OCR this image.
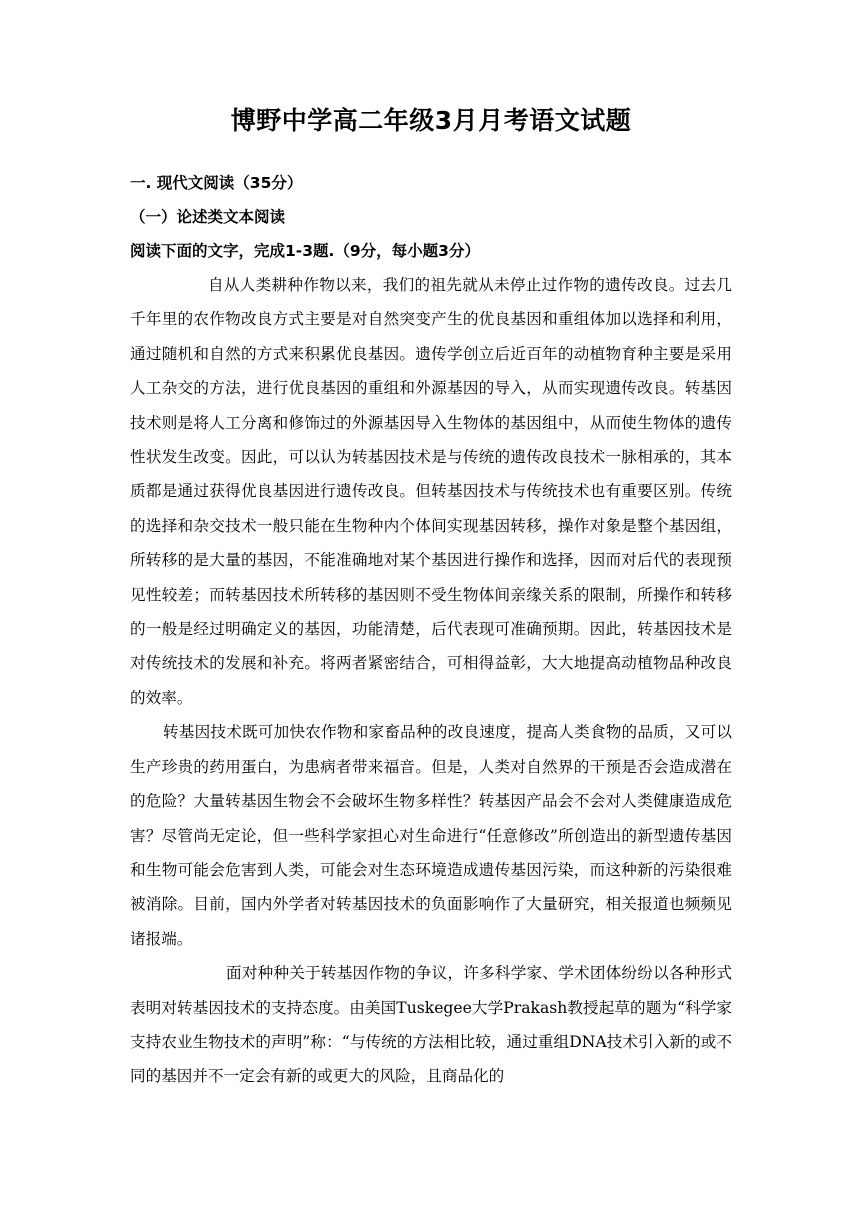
博野中学高二年级3月月考语文试题

一. 现代文阅读（35分）

（一）论述类文本阅读

阅读下面的文字，完成1-3题.（9分，每小题3分）

自从人类耕种作物以来，我们的祖先就从未停止过作物的遗传改良。过去几千年里的农作物改良方式主要是对自然突变产生的优良基因和重组体加以选择和利用，通过随机和自然的方式来积累优良基因。遗传学创立后近百年的动植物育种主要是采用人工杂交的方法，进行优良基因的重组和外源基因的导入，从而实现遗传改良。转基因技术则是将人工分离和修饰过的外源基因导入生物体的基因组中，从而使生物体的遗传性状发生改变。因此，可以认为转基因技术是与传统的遗传改良技术一脉相承的，其本质都是通过获得优良基因进行遗传改良。但转基因技术与传统技术也有重要区别。传统的选择和杂交技术一般只能在生物种内个体间实现基因转移，操作对象是整个基因组，所转移的是大量的基因，不能准确地对某个基因进行操作和选择，因而对后代的表现预见性较差；而转基因技术所转移的基因则不受生物体间亲缘关系的限制，所操作和转移的一般是经过明确定义的基因，功能清楚，后代表现可准确预期。因此，转基因技术是对传统技术的发展和补充。将两者紧密结合，可相得益彰，大大地提高动植物品种改良的效率。

转基因技术既可加快农作物和家畜品种的改良速度，提高人类食物的品质，又可以生产珍贵的药用蛋白，为患病者带来福音。但是，人类对自然界的干预是否会造成潜在的危险？大量转基因生物会不会破坏生物多样性？转基因产品会不会对人类健康造成危害？尽管尚无定论，但一些科学家担心对生命进行“任意修改”所创造出的新型遗传基因和生物可能会危害到人类，可能会对生态环境造成遗传基因污染，而这种新的污染很难被消除。目前，国内外学者对转基因技术的负面影响作了大量研究，相关报道也频频见诸报端。

面对种种关于转基因作物的争议，许多科学家、学术团体纷纷以各种形式表明对转基因技术的支持态度。由美国Tuskegee大学Prakash教授起草的题为“科学家支持农业生物技术的声明”称：“与传统的方法相比较，通过重组DNA技术引入新的或不同的基因并不一定会有新的或更大的风险，且商品化的
